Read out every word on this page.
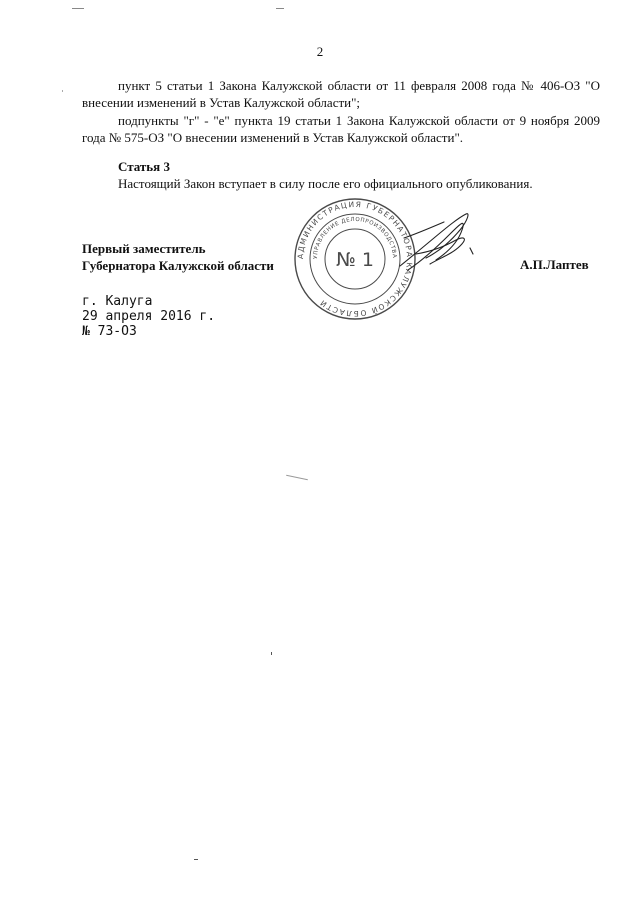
2
пункт 5 статьи 1 Закона Калужской области от 11 февраля 2008 года № 406-ОЗ "О внесении изменений в Устав Калужской области";
подпункты "г" - "е" пункта 19 статьи 1 Закона Калужской области от 9 ноября 2009 года № 575-ОЗ "О внесении изменений в Устав Калужской области".
Статья 3
Настоящий Закон вступает в силу после его официального опубликования.
Первый заместитель
Губернатора Калужской области
АДМИНИСТРАЦИЯ ГУБЕРНАТОРА КАЛУЖСКОЙ ОБЛАСТИ
УПРАВЛЕНИЕ ДЕЛОПРОИЗВОДСТВА
№ 1	А.П.Лаптев
г. Калуга
29 апреля 2016 г.
№ 73-ОЗ
